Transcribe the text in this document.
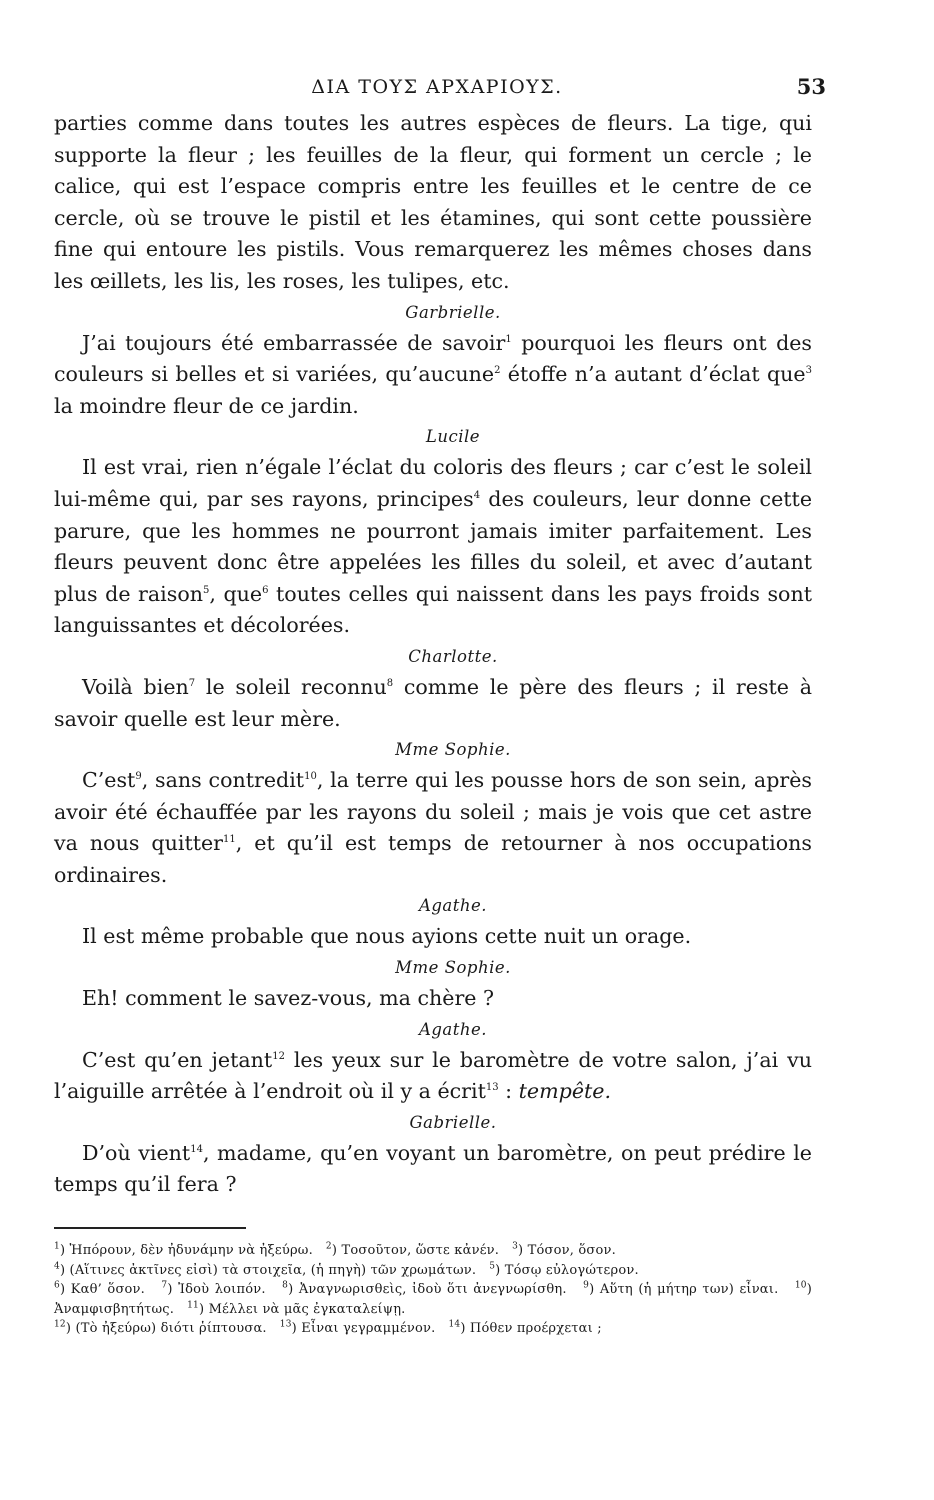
ΔΙΑ ΤΟΥΣ ΑΡΧΑΡΙΟΥΣ.	53

parties comme dans toutes les autres espèces de fleurs. La tige, qui supporte la fleur ; les feuilles de la fleur, qui forment un cercle ; le calice, qui est l’espace compris entre les feuilles et le centre de ce cercle, où se trouve le pistil et les étamines, qui sont cette poussière fine qui entoure les pistils. Vous remarquerez les mêmes choses dans les œillets, les lis, les roses, les tulipes, etc.

Garbrielle.

J’ai toujours été embarrassée de savoir$^1$ pourquoi les fleurs ont des couleurs si belles et si variées, qu’aucune$^2$ étoffe n’a autant d’éclat que$^3$ la moindre fleur de ce jardin.

Lucile

Il est vrai, rien n’égale l’éclat du coloris des fleurs ; car c’est le soleil lui-même qui, par ses rayons, principes$^4$ des couleurs, leur donne cette parure, que les hommes ne pourront jamais imiter parfaitement. Les fleurs peuvent donc être appelées les filles du soleil, et avec d’autant plus de raison$^5$, que$^6$ toutes celles qui naissent dans les pays froids sont languissantes et décolorées.

Charlotte.

Voilà bien$^7$ le soleil reconnu$^8$ comme le père des fleurs ; il reste à savoir quelle est leur mère.

Mme Sophie.

C’est$^9$, sans contredit$^{10}$, la terre qui les pousse hors de son sein, après avoir été échauffée par les rayons du soleil ; mais je vois que cet astre va nous quitter$^{11}$, et qu’il est temps de retourner à nos occupations ordinaires.

Agathe.

Il est même probable que nous ayions cette nuit un orage.

Mme Sophie.

Eh! comment le savez-vous, ma chère ?

Agathe.

C’est qu’en jetant$^{12}$ les yeux sur le baromètre de votre salon, j’ai vu l’aiguille arrêtée à l’endroit où il y a écrit$^{13}$ : tempête.

Gabrielle.

D’où vient$^{14}$, madame, qu’en voyant un baromètre, on peut prédire le temps qu’il fera ?

$^1$) Ἠπόρουν, δὲν ἠδυνάμην νὰ ἠξεύρω. $^2$) Τοσοῦτον, ὥστε κἀνέν. $^3$) Τόσον, ὅσον.

$^4$) (Αἵτινες ἀκτῖνες εἰσὶ) τὰ στοιχεῖα, (ἡ πηγὴ) τῶν χρωμάτων. $^5$) Τόσῳ εὐλογώτερον.

$^6$) Καθ’ ὅσον. $^7$) Ἰδοὺ λοιπόν. $^8$) Ἀναγνωρισθεὶς, ἰδοὺ ὅτι ἀνεγνωρίσθη. $^9$) Αὕτη (ἡ μήτηρ των) εἶναι. $^{10}$) Ἀναμφισβητήτως. $^{11}$) Μέλλει νὰ μᾶς ἐγκαταλείψῃ.

$^{12}$) (Τὸ ἠξεύρω) διότι ῥίπτουσα. $^{13}$) Εἶναι γεγραμμένον. $^{14}$) Πόθεν προέρχεται ;
